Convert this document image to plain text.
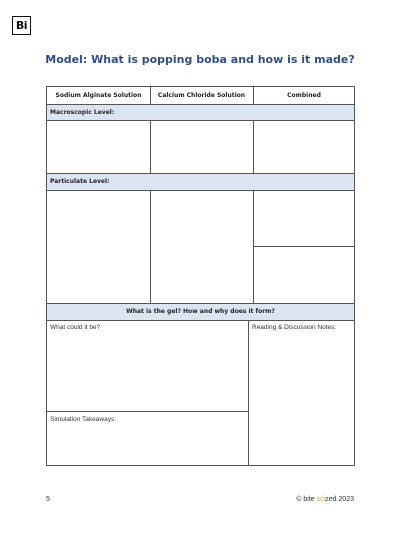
Bi
Model: What is popping boba and how is it made?
Sodium Alginate Solution	Calcium Chloride Solution	Combined
Macroscopic Level:
Particulate Level:
What is the gel? How and why does it form?
What could it be?	Reading & Discussion Notes:
Simulation Takeaways:
5	© bite scized 2023
